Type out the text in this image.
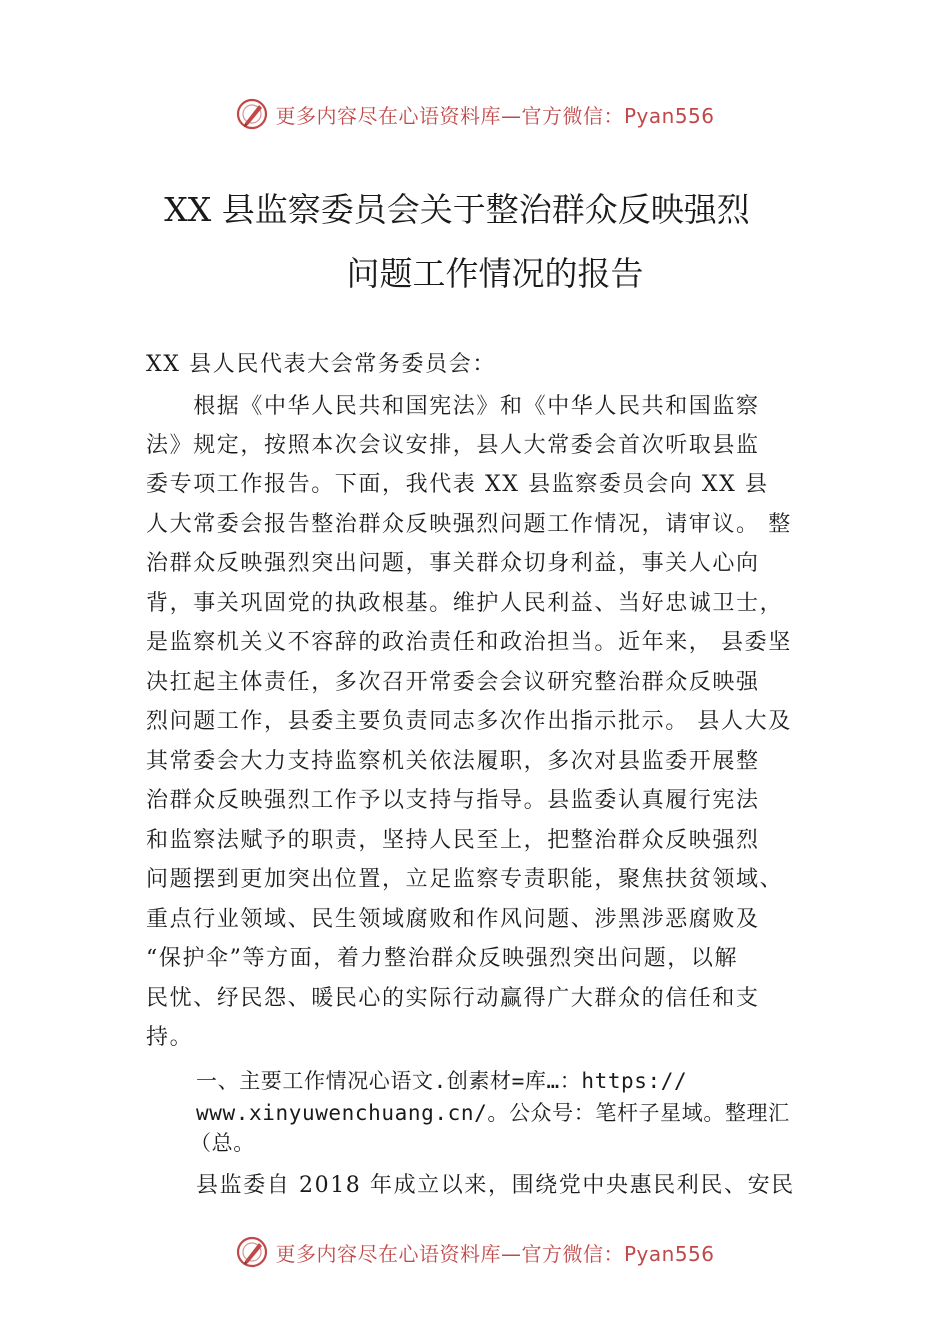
更多内容尽在心语资料库—官方微信：Pyan556
XX 县监察委员会关于整治群众反映强烈
问题工作情况的报告
XX 县人民代表大会常务委员会：
　　根据《中华人民共和国宪法》和《中华人民共和国监察
法》规定，按照本次会议安排，县人大常委会首次听取县监
委专项工作报告。下面，我代表 XX 县监察委员会向 XX 县
人大常委会报告整治群众反映强烈问题工作情况，请审议。 整
治群众反映强烈突出问题，事关群众切身利益，事关人心向
背，事关巩固党的执政根基。维护人民利益、当好忠诚卫士，
是监察机关义不容辞的政治责任和政治担当。近年来， 县委坚
决扛起主体责任，多次召开常委会会议研究整治群众反映强
烈问题工作，县委主要负责同志多次作出指示批示。 县人大及
其常委会大力支持监察机关依法履职，多次对县监委开展整
治群众反映强烈工作予以支持与指导。县监委认真履行宪法
和监察法赋予的职责，坚持人民至上，把整治群众反映强烈
问题摆到更加突出位置，立足监察专责职能，聚焦扶贫领域、
重点行业领域、民生领域腐败和作风问题、涉黑涉恶腐败及
“保护伞”等方面，着力整治群众反映强烈突出问题，以解
民忧、纾民怨、暖民心的实际行动赢得广大群众的信任和支
持。
一、主要工作情况心语文.创素材=库…：https://
www.xinyuwenchuang.cn/。公众号：笔杆子星域。整理汇
（总。
县监委自 2018 年成立以来，围绕党中央惠民利民、安民
更多内容尽在心语资料库—官方微信：Pyan556
